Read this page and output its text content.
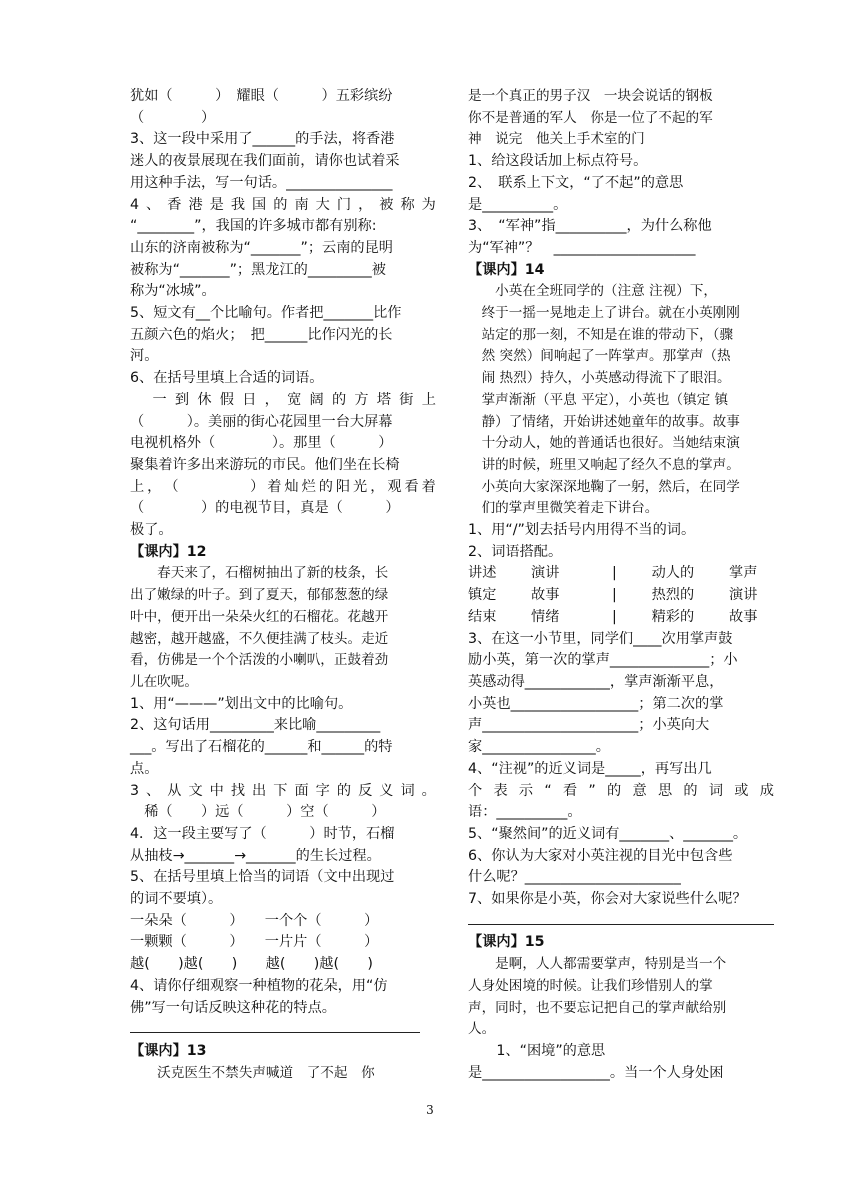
犹如（　　　）　耀眼（　　　）五彩缤纷
（　　　　）
3、这一段中采用了______的手法，将香港
迷人的夜景展现在我们面前，请你也试着采
用这种手法，写一句话。_______________
4 、 香 港 是 我 国 的 南 大 门 ， 被 称 为
“________”，我国的许多城市都有别称:
山东的济南被称为“_______”；云南的昆明
被称为“_______”；黑龙江的_________被
称为“冰城”。
5、短文有__个比喻句。作者把_______比作
五颜六色的焰火；　把______比作闪光的长
河。
6、在括号里填上合适的词语。

一 到 休 假 日 ， 宽 阔 的 方 塔 街 上
（　　　）。美丽的街心花园里一台大屏幕
电视机格外（　　　　）。那里（　　　）
聚集着许多出来游玩的市民。他们坐在长椅
上 ， （

　	） 着 灿 烂 的 阳 光 ， 观 看 着
（　　　　）的电视节目，真是（　　　）
极了。
【课内】12
　　春天来了，石榴树抽出了新的枝条，长
出了嫩绿的叶子。到了夏天，郁郁葱葱的绿
叶中，便开出一朵朵火红的石榴花。花越开
越密，越开越盛，不久便挂满了枝头。走近
看，仿佛是一个个活泼的小喇叭，正鼓着劲
儿在吹呢。
1、用“———”划出文中的比喻句。
2、这句话用_________来比喻_________
___。写出了石榴花的______和______的特
点。
3 、 从 文 中 找 出 下 面 字 的 反 义 词 。
　稀（　　）远（　　　）空（　　　）
4．这一段主要写了（　　　）时节，石榴
从抽枝→_______→_______的生长过程。
5、在括号里填上恰当的词语（文中出现过
的词不要填）。
一朵朵（　　　）　　一个个（　　　）
一颗颗（　　　）　　一片片（　　　）
越(　　)越(　　)　　越(　　)越(　　)
4、请你仔细观察一种植物的花朵，用“仿
佛”写一句话反映这种花的特点。
【课内】13
　　沃克医生不禁失声喊道　了不起　你
是一个真正的男子汉　一块会说话的钢板
你不是普通的军人　你是一位了不起的军
神　说完　他关上手术室的门
1、给这段话加上标点符号。
2、　联系上下文，“了不起”的意思
是__________。
3、　“军神”指__________，为什么称他
为“军神”？　____________________
【课内】14
　　小英在全班同学的（注意 注视）下，
　终于一摇一晃地走上了讲台。就在小英刚刚
　站定的那一刻，不知是在谁的带动下，（骤
　然 突然）间响起了一阵掌声。那掌声（热
　闹 热烈）持久，小英感动得流下了眼泪。
　掌声渐渐（平息 平定），小英也（镇定 镇
　静）了情绪，开始讲述她童年的故事。故事
　十分动人，她的普通话也很好。当她结束演
　讲的时候，班里又响起了经久不息的掌声。
　小英向大家深深地鞠了一躬，然后，在同学
　们的掌声里微笑着走下讲台。
1、用“/”划去括号内用得不当的词。
2、词语搭配。
讲述	演讲	|	动人的	掌声
镇定	故事	|	热烈的	演讲
结束	情绪	|	精彩的	故事
3、在这一小节里，同学们____次用掌声鼓
励小英，第一次的掌声______________；小
英感动得____________，掌声渐渐平息，
小英也__________________；第二次的掌
声______________________；小英向大
家________________。
4、“注视”的近义词是_____，再写出几
个 表 示 “ 看 ” 的 意 思 的 词 或 成
语：__________。
5、“聚然间”的近义词有_______、_______。
6、你认为大家对小英注视的目光中包含些
什么呢？______________________
7、如果你是小英，你会对大家说些什么呢？
【课内】15
　　是啊，人人都需要掌声，特别是当一个
人身处困境的时候。让我们珍惜别人的掌
声，同时，也不要忘记把自己的掌声献给别
人。
　　1、“困境”的意思
是__________________。当一个人身处困
3
